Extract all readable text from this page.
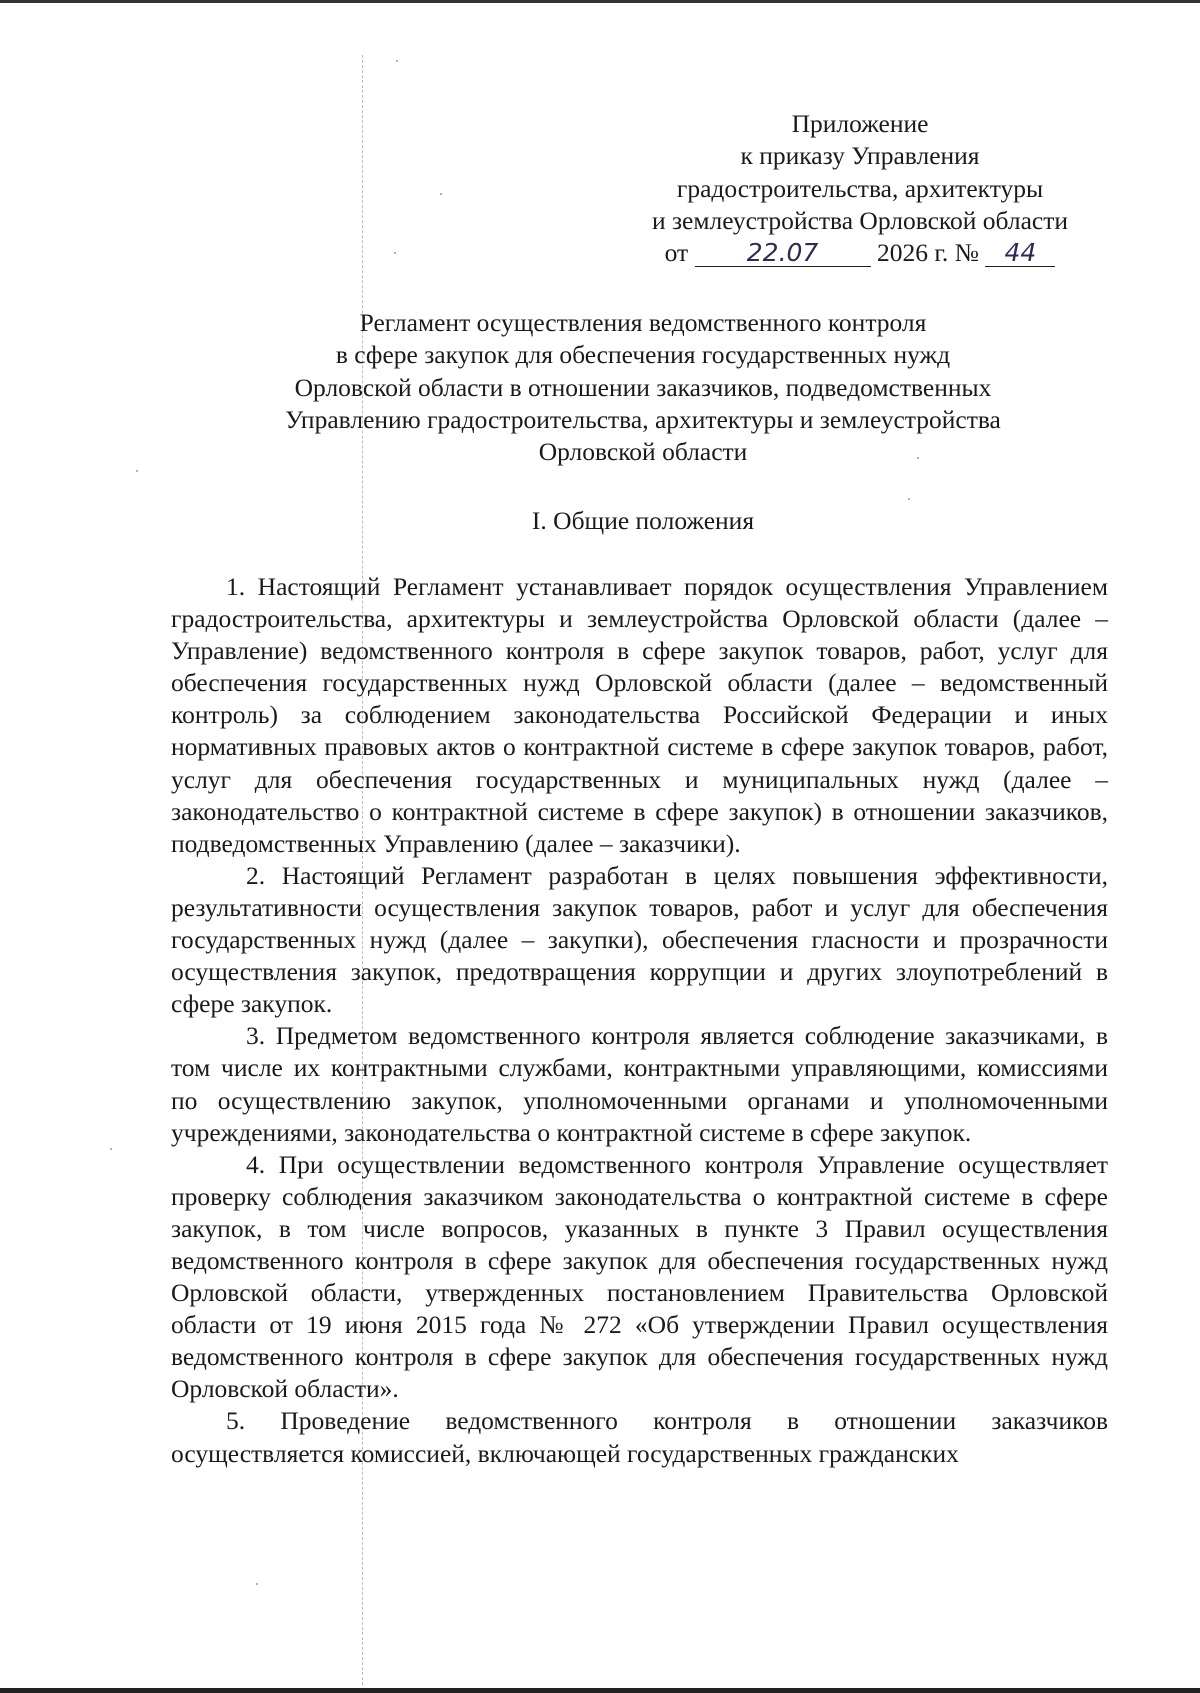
Приложение
к приказу Управления
градостроительства, архитектуры
и землеустройства Орловской области
от 22.07 2026 г. № 44
Регламент осуществления ведомственного контроля
в сфере закупок для обеспечения государственных нужд
Орловской области в отношении заказчиков, подведомственных
Управлению градостроительства, архитектуры и землеустройства
Орловской области
I. Общие положения

1. Настоящий Регламент устанавливает порядок осуществления Управлением градостроительства, архитектуры и землеустройства Орловской области (далее – Управление) ведомственного контроля в сфере закупок товаров, работ, услуг для обеспечения государственных нужд Орловской области (далее – ведомственный контроль) за соблюдением законодательства Российской Федерации и иных нормативных правовых актов о контрактной системе в сфере закупок товаров, работ, услуг для обеспечения государственных и муниципальных нужд (далее – законодательство о контрактной системе в сфере закупок) в отношении заказчиков, подведомственных Управлению (далее – заказчики).

2. Настоящий Регламент разработан в целях повышения эффективности, результативности осуществления закупок товаров, работ и услуг для обеспечения государственных нужд (далее – закупки), обеспечения гласности и прозрачности осуществления закупок, предотвращения коррупции и других злоупотреблений в сфере закупок.

3. Предметом ведомственного контроля является соблюдение заказчиками, в том числе их контрактными службами, контрактными управляющими, комиссиями по осуществлению закупок, уполномоченными органами и уполномоченными учреждениями, законодательства о контрактной системе в сфере закупок.

4. При осуществлении ведомственного контроля Управление осуществляет проверку соблюдения заказчиком законодательства о контрактной системе в сфере закупок, в том числе вопросов, указанных в пункте 3 Правил осуществления ведомственного контроля в сфере закупок для обеспечения государственных нужд Орловской области, утвержденных постановлением Правительства Орловской области от 19 июня 2015 года № 272 «Об утверждении Правил осуществления ведомственного контроля в сфере закупок для обеспечения государственных нужд Орловской области».

5. Проведение ведомственного контроля в отношении заказчиков осуществляется комиссией, включающей государственных гражданских
